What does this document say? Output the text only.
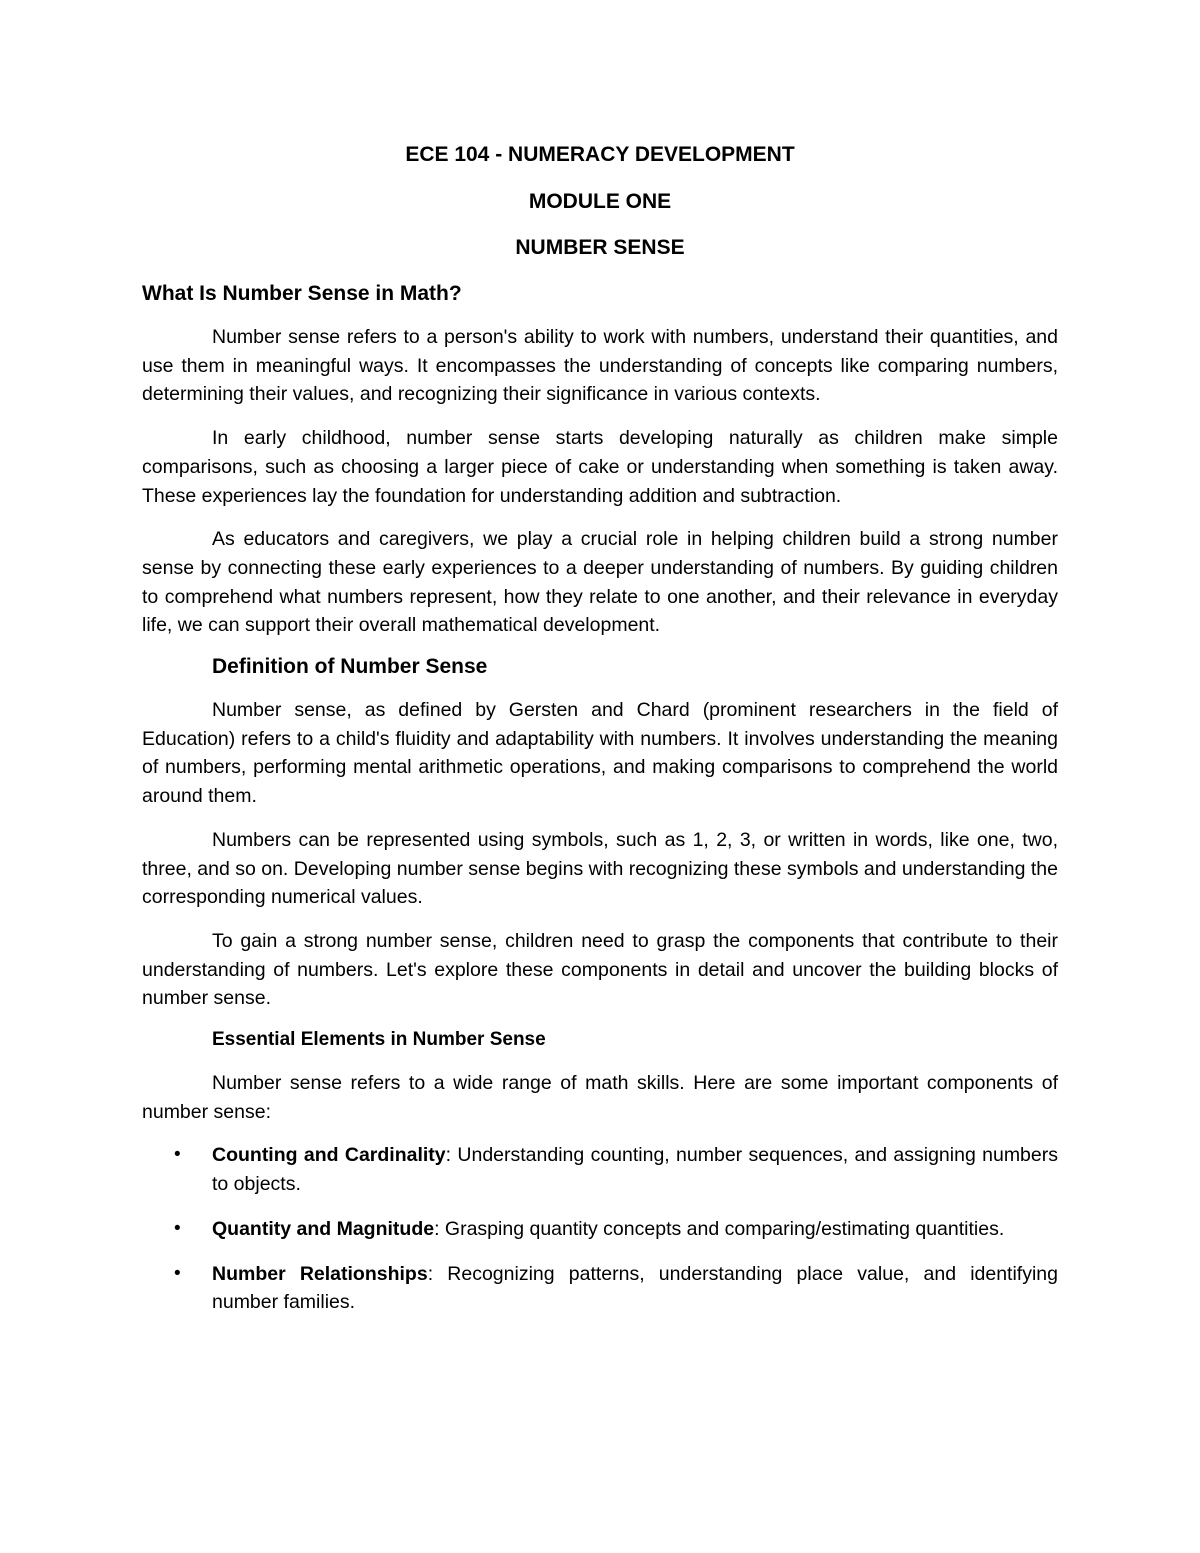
ECE 104 - NUMERACY DEVELOPMENT
MODULE ONE
NUMBER SENSE
What Is Number Sense in Math?

Number sense refers to a person's ability to work with numbers, understand their quantities, and use them in meaningful ways. It encompasses the understanding of concepts like comparing numbers, determining their values, and recognizing their significance in various contexts.

In early childhood, number sense starts developing naturally as children make simple comparisons, such as choosing a larger piece of cake or understanding when something is taken away. These experiences lay the foundation for understanding addition and subtraction.

As educators and caregivers, we play a crucial role in helping children build a strong number sense by connecting these early experiences to a deeper understanding of numbers. By guiding children to comprehend what numbers represent, how they relate to one another, and their relevance in everyday life, we can support their overall mathematical development.

Definition of Number Sense

Number sense, as defined by Gersten and Chard (prominent researchers in the field of Education) refers to a child's fluidity and adaptability with numbers. It involves understanding the meaning of numbers, performing mental arithmetic operations, and making comparisons to comprehend the world around them.

Numbers can be represented using symbols, such as 1, 2, 3, or written in words, like one, two, three, and so on. Developing number sense begins with recognizing these symbols and understanding the corresponding numerical values.

To gain a strong number sense, children need to grasp the components that contribute to their understanding of numbers. Let's explore these components in detail and uncover the building blocks of number sense.

Essential Elements in Number Sense

Number sense refers to a wide range of math skills. Here are some important components of number sense:

• Counting and Cardinality: Understanding counting, number sequences, and assigning numbers to objects.
• Quantity and Magnitude: Grasping quantity concepts and comparing/estimating quantities.
• Number Relationships: Recognizing patterns, understanding place value, and identifying number families.
